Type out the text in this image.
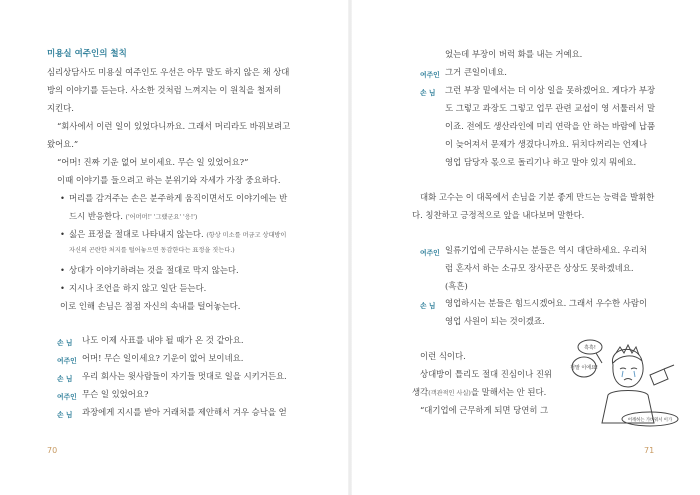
미용실 여주인의 철칙
심리상담사도 미용실 여주인도 우선은 아무 말도 하지 않은 채 상대
방의 이야기를 듣는다. 사소한 것처럼 느껴지는 이 원칙을 철저히
지킨다.
“회사에서 이런 일이 있었다니까요. 그래서 머리라도 바꿔보려고
왔어요.”
“어머! 진짜 기운 없어 보이세요. 무슨 일 있었어요?”
이때 이야기를 들으려고 하는 분위기와 자세가 가장 중요하다.
• 머리를 감겨주는 손은 분주하게 움직이면서도 이야기에는 반
드시 반응한다. ('어머머!' '그랬군요' '응!')
• 싫은 표정을 절대로 나타내지 않는다. (항상 미소를 머금고 상대방이
자신의 곤란한 처지를 털어놓으면 동감한다는 표정을 짓는다.)
• 상대가 이야기하려는 것을 절대로 막지 않는다.
• 지시나 조언을 하지 않고 일단 듣는다.
이로 인해 손님은 점점 자신의 속내를 털어놓는다.
손 님 나도 이제 사표를 내야 될 때가 온 것 같아요.
여주인 어머! 무슨 일이세요? 기운이 없어 보이네요.
손 님 우리 회사는 윗사람들이 자기들 멋대로 일을 시키거든요.
여주인 무슨 일 있었어요?
손 님 과장에게 지시를 받아 거래처를 제안해서 겨우 승낙을 얻
70
었는데 부장이 버럭 화를 내는 거예요.
여주인 그거 큰일이네요.
손 님 그런 부장 밑에서는 더 이상 일을 못하겠어요. 게다가 부장
도 그렇고 과장도 그렇고 업무 관련 교섭이 영 서툴러서 말
이죠. 전에도 생산라인에 미리 연락을 안 하는 바람에 납품
이 늦어져서 문제가 생겼다니까요. 뒤치다꺼리는 언제나
영업 담당자 몫으로 돌리기나 하고 말야 있지 뭐에요.
대화 고수는 이 대목에서 손님을 기분 좋게 만드는 능력을 발휘한
다. 칭찬하고 긍정적으로 앞을 내다보며 말한다.
여주인 일류기업에 근무하시는 분들은 역시 대단하세요. 우리처
럼 혼자서 하는 소규모 장사꾼은 상상도 못하겠네요.
(흑흔)
손 님 영업하시는 분들은 힘드시겠어요. 그래서 우수한 사람이
영업 사원이 되는 것이겠죠.
이런 식이다.
상대방이 틀리도 절대 진심이나 진위
생각(객관적인 사실)을 말해서는 안 된다.
“대기업에 근무하게 되면 당연히 그
71
흑흑!
정말 이에요!
어깨허는 가벼워서 이가
